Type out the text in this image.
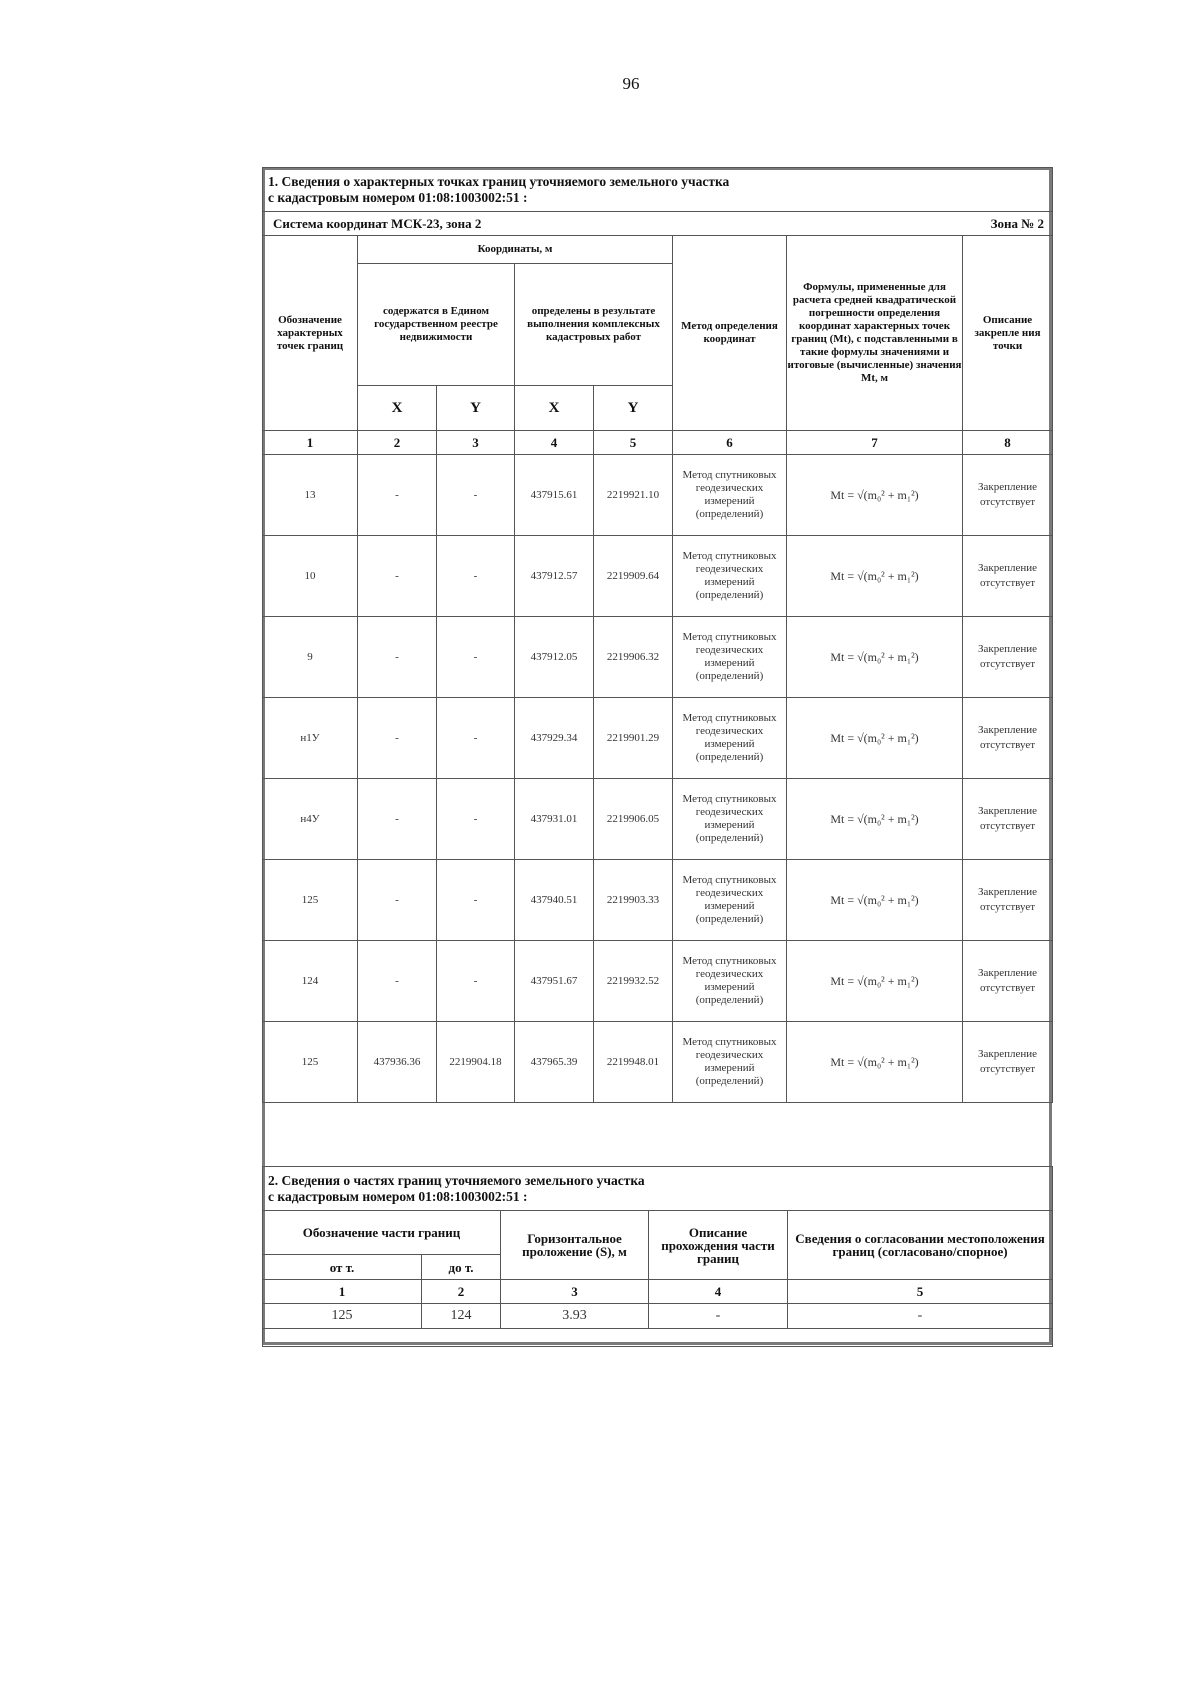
96
1. Сведения о характерных точках границ уточняемого земельного участка
с кадастровым номером 01:08:1003002:51 :							
Система координат МСК-23, зона 2						Зона № 2	
Обозначение характерных точек границ	Координаты, м				Метод определения координат	Формулы, примененные для расчета средней квадратической погрешности определения координат характерных точек границ (Mt), с подставленными в такие формулы значениями и итоговые (вычисленные) значения Mt, м	Описание закрепле ния точки
	содержатся в Едином государственном реестре недвижимости		определены в результате выполнения комплексных кадастровых работ				
	X	Y	X	Y			
1	2	3	4	5	6	7	8
13	-	-	437915.61	2219921.10	Метод спутниковых геодезических измерений (определений)	Mt = √(m₀² + m₁²)	Закрепление отсутствует
10	-	-	437912.57	2219909.64	Метод спутниковых геодезических измерений (определений)	Mt = √(m₀² + m₁²)	Закрепление отсутствует
9	-	-	437912.05	2219906.32	Метод спутниковых геодезических измерений (определений)	Mt = √(m₀² + m₁²)	Закрепление отсутствует
н1У	-	-	437929.34	2219901.29	Метод спутниковых геодезических измерений (определений)	Mt = √(m₀² + m₁²)	Закрепление отсутствует
н4У	-	-	437931.01	2219906.05	Метод спутниковых геодезических измерений (определений)	Mt = √(m₀² + m₁²)	Закрепление отсутствует
125	-	-	437940.51	2219903.33	Метод спутниковых геодезических измерений (определений)	Mt = √(m₀² + m₁²)	Закрепление отсутствует
124	-	-	437951.67	2219932.52	Метод спутниковых геодезических измерений (определений)	Mt = √(m₀² + m₁²)	Закрепление отсутствует
125	437936.36	2219904.18	437965.39	2219948.01	Метод спутниковых геодезических измерений (определений)	Mt = √(m₀² + m₁²)	Закрепление отсутствует
2. Сведения о частях границ уточняемого земельного участка
с кадастровым номером 01:08:1003002:51 :				
Обозначение части границ		Горизонтальное проложение (S), м	Описание прохождения части границ	Сведения о согласовании местоположения границ (согласовано/спорное)
от т.	до т.			
1	2	3	4	5
125	124	3.93	-	-
